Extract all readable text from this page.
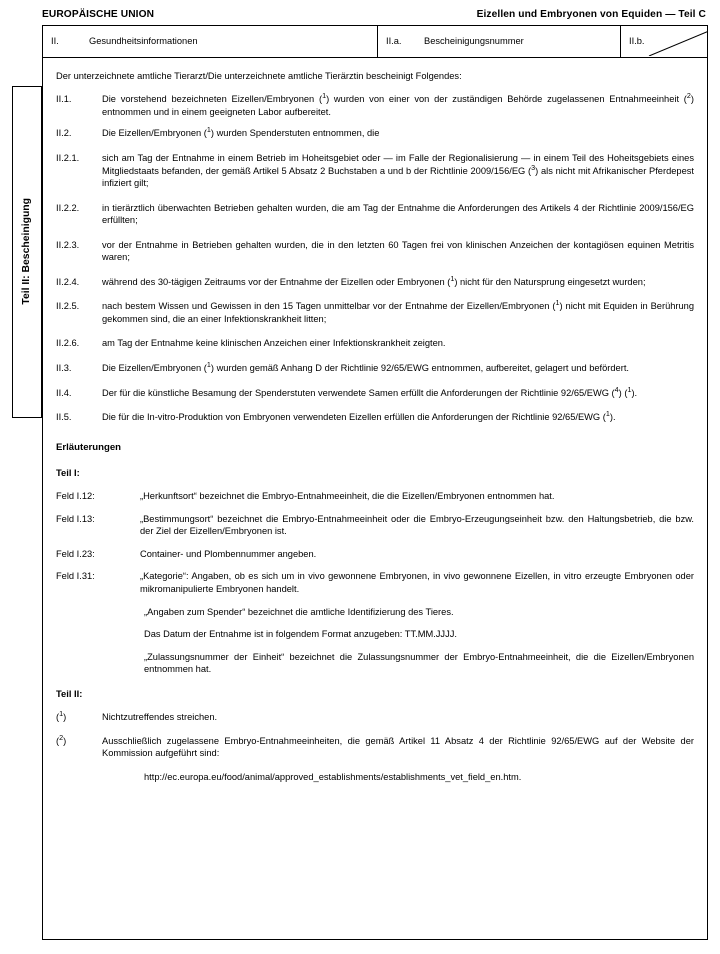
EUROPÄISCHE UNION	Eizellen und Embryonen von Equiden — Teil C
Teil II: Bescheinigung
II.	Gesundheitsinformationen	II.a.	Bescheinigungsnummer	II.b.
Der unterzeichnete amtliche Tierarzt/Die unterzeichnete amtliche Tierärztin bescheinigt Folgendes:
II.1.	Die vorstehend bezeichneten Eizellen/Embryonen ($^1$) wurden von einer von der zuständigen Behörde zugelassenen Entnahmeeinheit ($^2$) entnommen und in einem geeigneten Labor aufbereitet.
II.2.	Die Eizellen/Embryonen ($^1$) wurden Spenderstuten entnommen, die
II.2.1.	sich am Tag der Entnahme in einem Betrieb im Hoheitsgebiet oder — im Falle der Regionalisierung — in einem Teil des Hoheitsgebiets eines Mitgliedstaats befanden, der gemäß Artikel 5 Absatz 2 Buchstaben a und b der Richtlinie 2009/156/EG ($^3$) als nicht mit Afrikanischer Pferdepest infiziert gilt;
II.2.2.	in tierärztlich überwachten Betrieben gehalten wurden, die am Tag der Entnahme die Anforderungen des Artikels 4 der Richtlinie 2009/156/EG erfüllten;
II.2.3.	vor der Entnahme in Betrieben gehalten wurden, die in den letzten 60 Tagen frei von klinischen Anzeichen der kontagiösen equinen Metritis waren;
II.2.4.	während des 30-tägigen Zeitraums vor der Entnahme der Eizellen oder Embryonen ($^1$) nicht für den Natursprung eingesetzt wurden;
II.2.5.	nach bestem Wissen und Gewissen in den 15 Tagen unmittelbar vor der Entnahme der Eizellen/Embryonen ($^1$) nicht mit Equiden in Berührung gekommen sind, die an einer Infektionskrankheit litten;
II.2.6.	am Tag der Entnahme keine klinischen Anzeichen einer Infektionskrankheit zeigten.
II.3.	Die Eizellen/Embryonen ($^1$) wurden gemäß Anhang D der Richtlinie 92/65/EWG entnommen, aufbereitet, gelagert und befördert.
II.4.	Der für die künstliche Besamung der Spenderstuten verwendete Samen erfüllt die Anforderungen der Richtlinie 92/65/EWG ($^4$) ($^1$).
II.5.	Die für die In-vitro-Produktion von Embryonen verwendeten Eizellen erfüllen die Anforderungen der Richtlinie 92/65/EWG ($^1$).
Erläuterungen
Teil I:
Feld I.12:	„Herkunftsort“ bezeichnet die Embryo-Entnahmeeinheit, die die Eizellen/Embryonen entnommen hat.
Feld I.13:	„Bestimmungsort“ bezeichnet die Embryo-Entnahmeeinheit oder die Embryo-Erzeugungseinheit bzw. den Haltungsbetrieb, die bzw. der Ziel der Eizellen/Embryonen ist.
Feld I.23:	Container- und Plombennummer angeben.
Feld I.31:	„Kategorie“: Angaben, ob es sich um in vivo gewonnene Embryonen, in vivo gewonnene Eizellen, in vitro erzeugte Embryonen oder mikromanipulierte Embryonen handelt.
„Angaben zum Spender“ bezeichnet die amtliche Identifizierung des Tieres.
Das Datum der Entnahme ist in folgendem Format anzugeben: TT.MM.JJJJ.
„Zulassungsnummer der Einheit“ bezeichnet die Zulassungsnummer der Embryo-Entnahmeeinheit, die die Eizellen/Embryonen entnommen hat.
Teil II:
($^1$)	Nichtzutreffendes streichen.
($^2$)	Ausschließlich zugelassene Embryo-Entnahmeeinheiten, die gemäß Artikel 11 Absatz 4 der Richtlinie 92/65/EWG auf der Website der Kommission aufgeführt sind:
http://ec.europa.eu/food/animal/approved_establishments/establishments_vet_field_en.htm.
